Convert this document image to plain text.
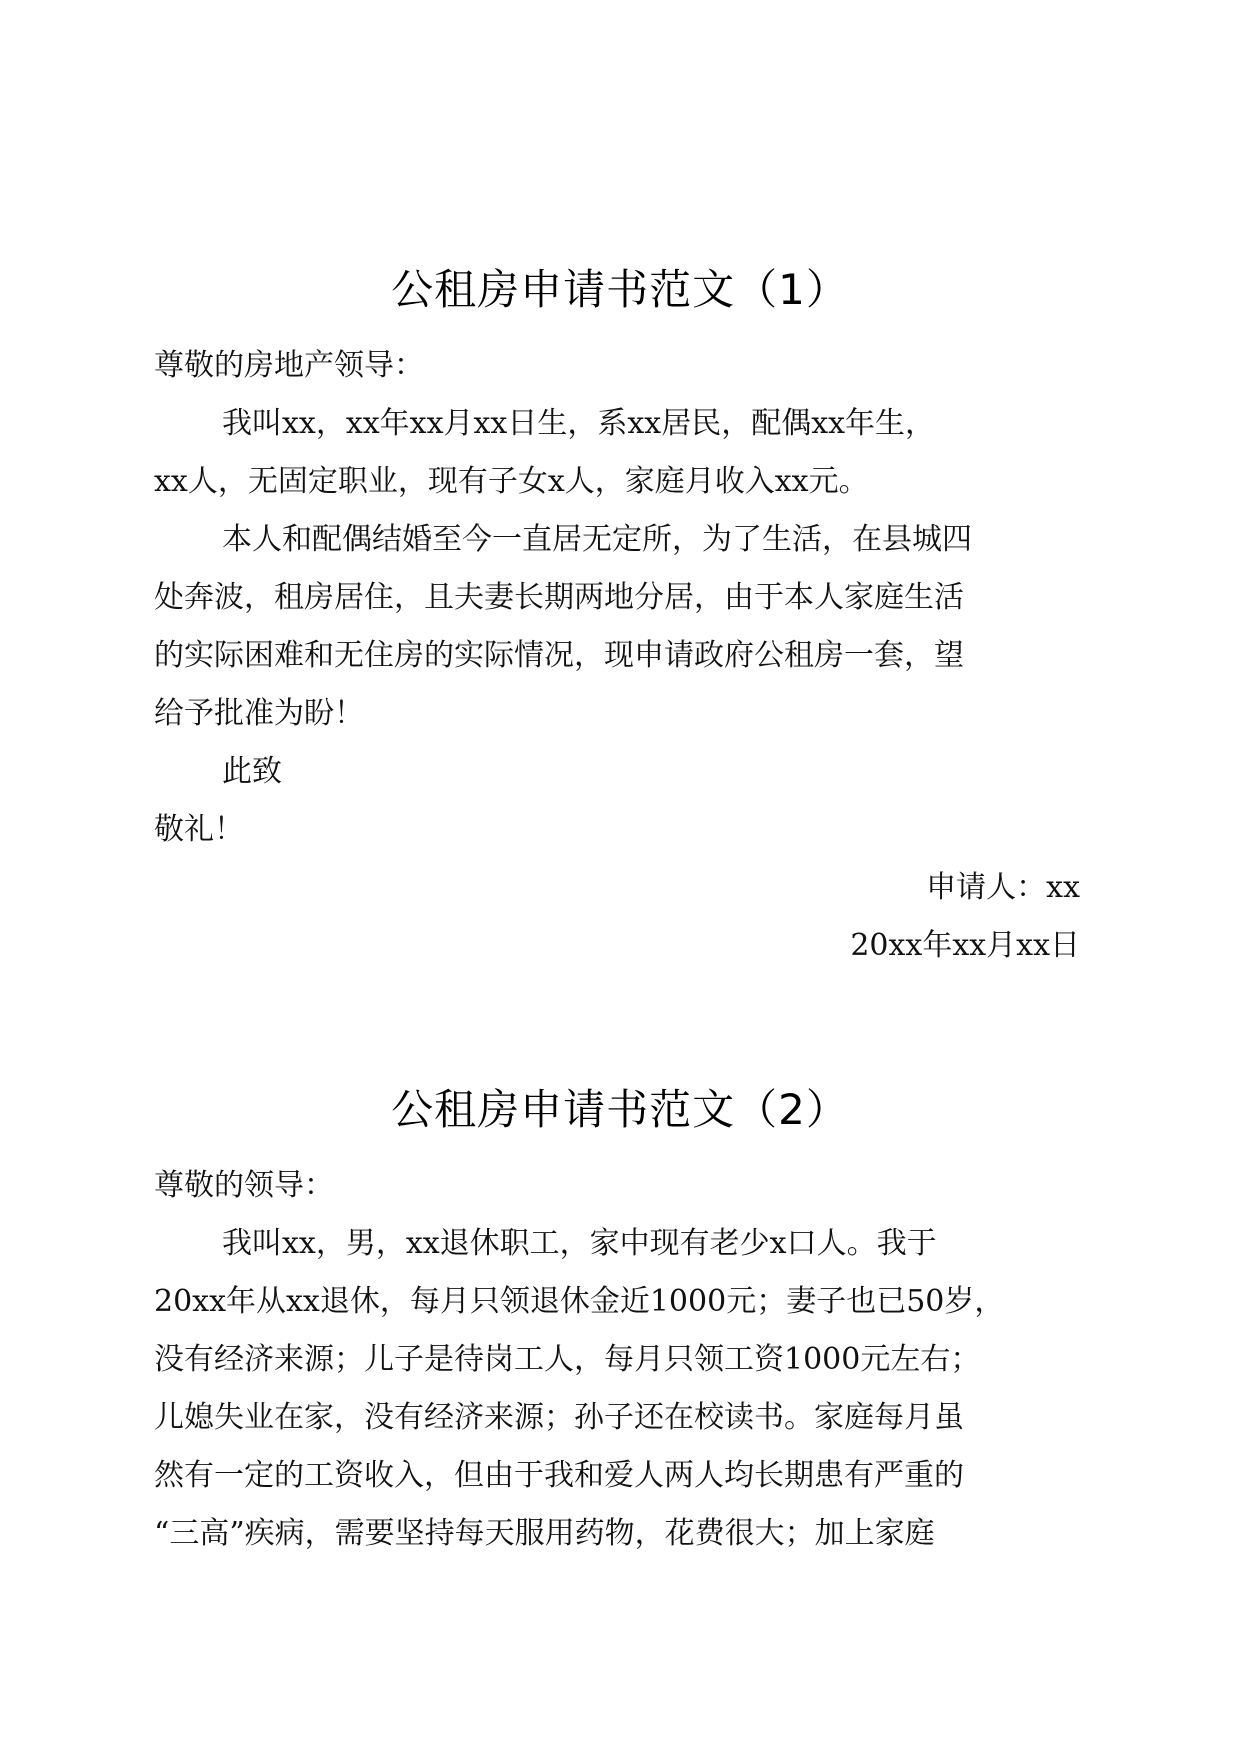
公租房申请书范文（1）
尊敬的房地产领导：
我叫xx，xx年xx月xx日生，系xx居民，配偶xx年生，
xx人，无固定职业，现有子女x人，家庭月收入xx元。
本人和配偶结婚至今一直居无定所，为了生活，在县城四
处奔波，租房居住，且夫妻长期两地分居，由于本人家庭生活
的实际困难和无住房的实际情况，现申请政府公租房一套，望
给予批准为盼！
此致
敬礼！
申请人：xx
20xx年xx月xx日
公租房申请书范文（2）
尊敬的领导：
我叫xx，男，xx退休职工，家中现有老少x口人。我于
20xx年从xx退休，每月只领退休金近1000元；妻子也已50岁，
没有经济来源；儿子是待岗工人，每月只领工资1000元左右；
儿媳失业在家，没有经济来源；孙子还在校读书。家庭每月虽
然有一定的工资收入，但由于我和爱人两人均长期患有严重的
“三高”疾病，需要坚持每天服用药物，花费很大；加上家庭
